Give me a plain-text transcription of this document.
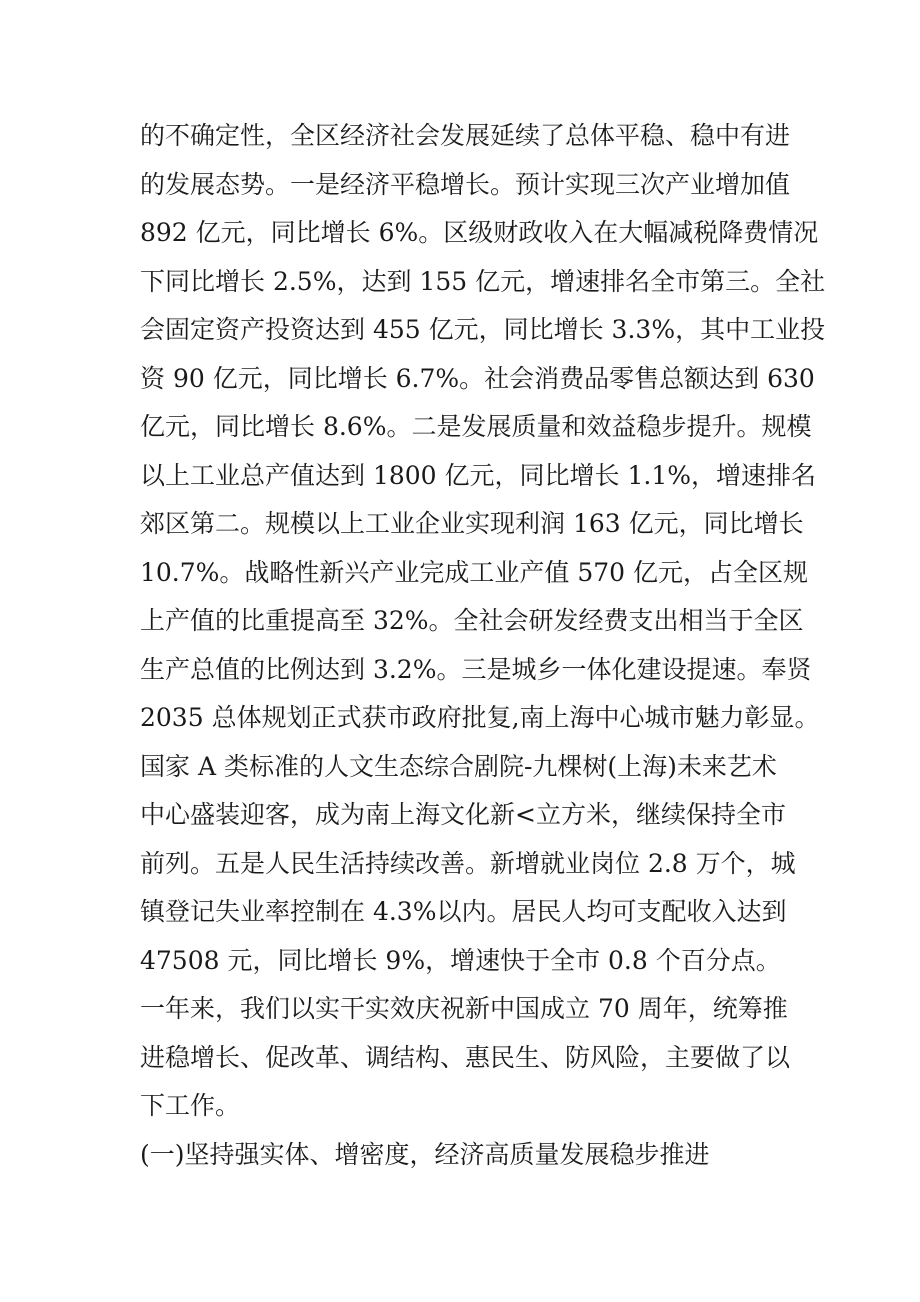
的不确定性，全区经济社会发展延续了总体平稳、稳中有进
的发展态势。一是经济平稳增长。预计实现三次产业增加值
892 亿元，同比增长 6%。区级财政收入在大幅减税降费情况
下同比增长 2.5%，达到 155 亿元，增速排名全市第三。全社
会固定资产投资达到 455 亿元，同比增长 3.3%，其中工业投
资 90 亿元，同比增长 6.7%。社会消费品零售总额达到 630
亿元，同比增长 8.6%。二是发展质量和效益稳步提升。规模
以上工业总产值达到 1800 亿元，同比增长 1.1%，增速排名
郊区第二。规模以上工业企业实现利润 163 亿元，同比增长
10.7%。战略性新兴产业完成工业产值 570 亿元，占全区规
上产值的比重提高至 32%。全社会研发经费支出相当于全区
生产总值的比例达到 3.2%。三是城乡一体化建设提速。奉贤
2035 总体规划正式获市政府批复,南上海中心城市魅力彰显。
国家 A 类标准的人文生态综合剧院-九棵树(上海)未来艺术
中心盛装迎客，成为南上海文化新<立方米，继续保持全市
前列。五是人民生活持续改善。新增就业岗位 2.8 万个，城
镇登记失业率控制在 4.3%以内。居民人均可支配收入达到
47508 元，同比增长 9%，增速快于全市 0.8 个百分点。
一年来，我们以实干实效庆祝新中国成立 70 周年，统筹推
进稳增长、促改革、调结构、惠民生、防风险，主要做了以
下工作。
(一)坚持强实体、增密度，经济高质量发展稳步推进
